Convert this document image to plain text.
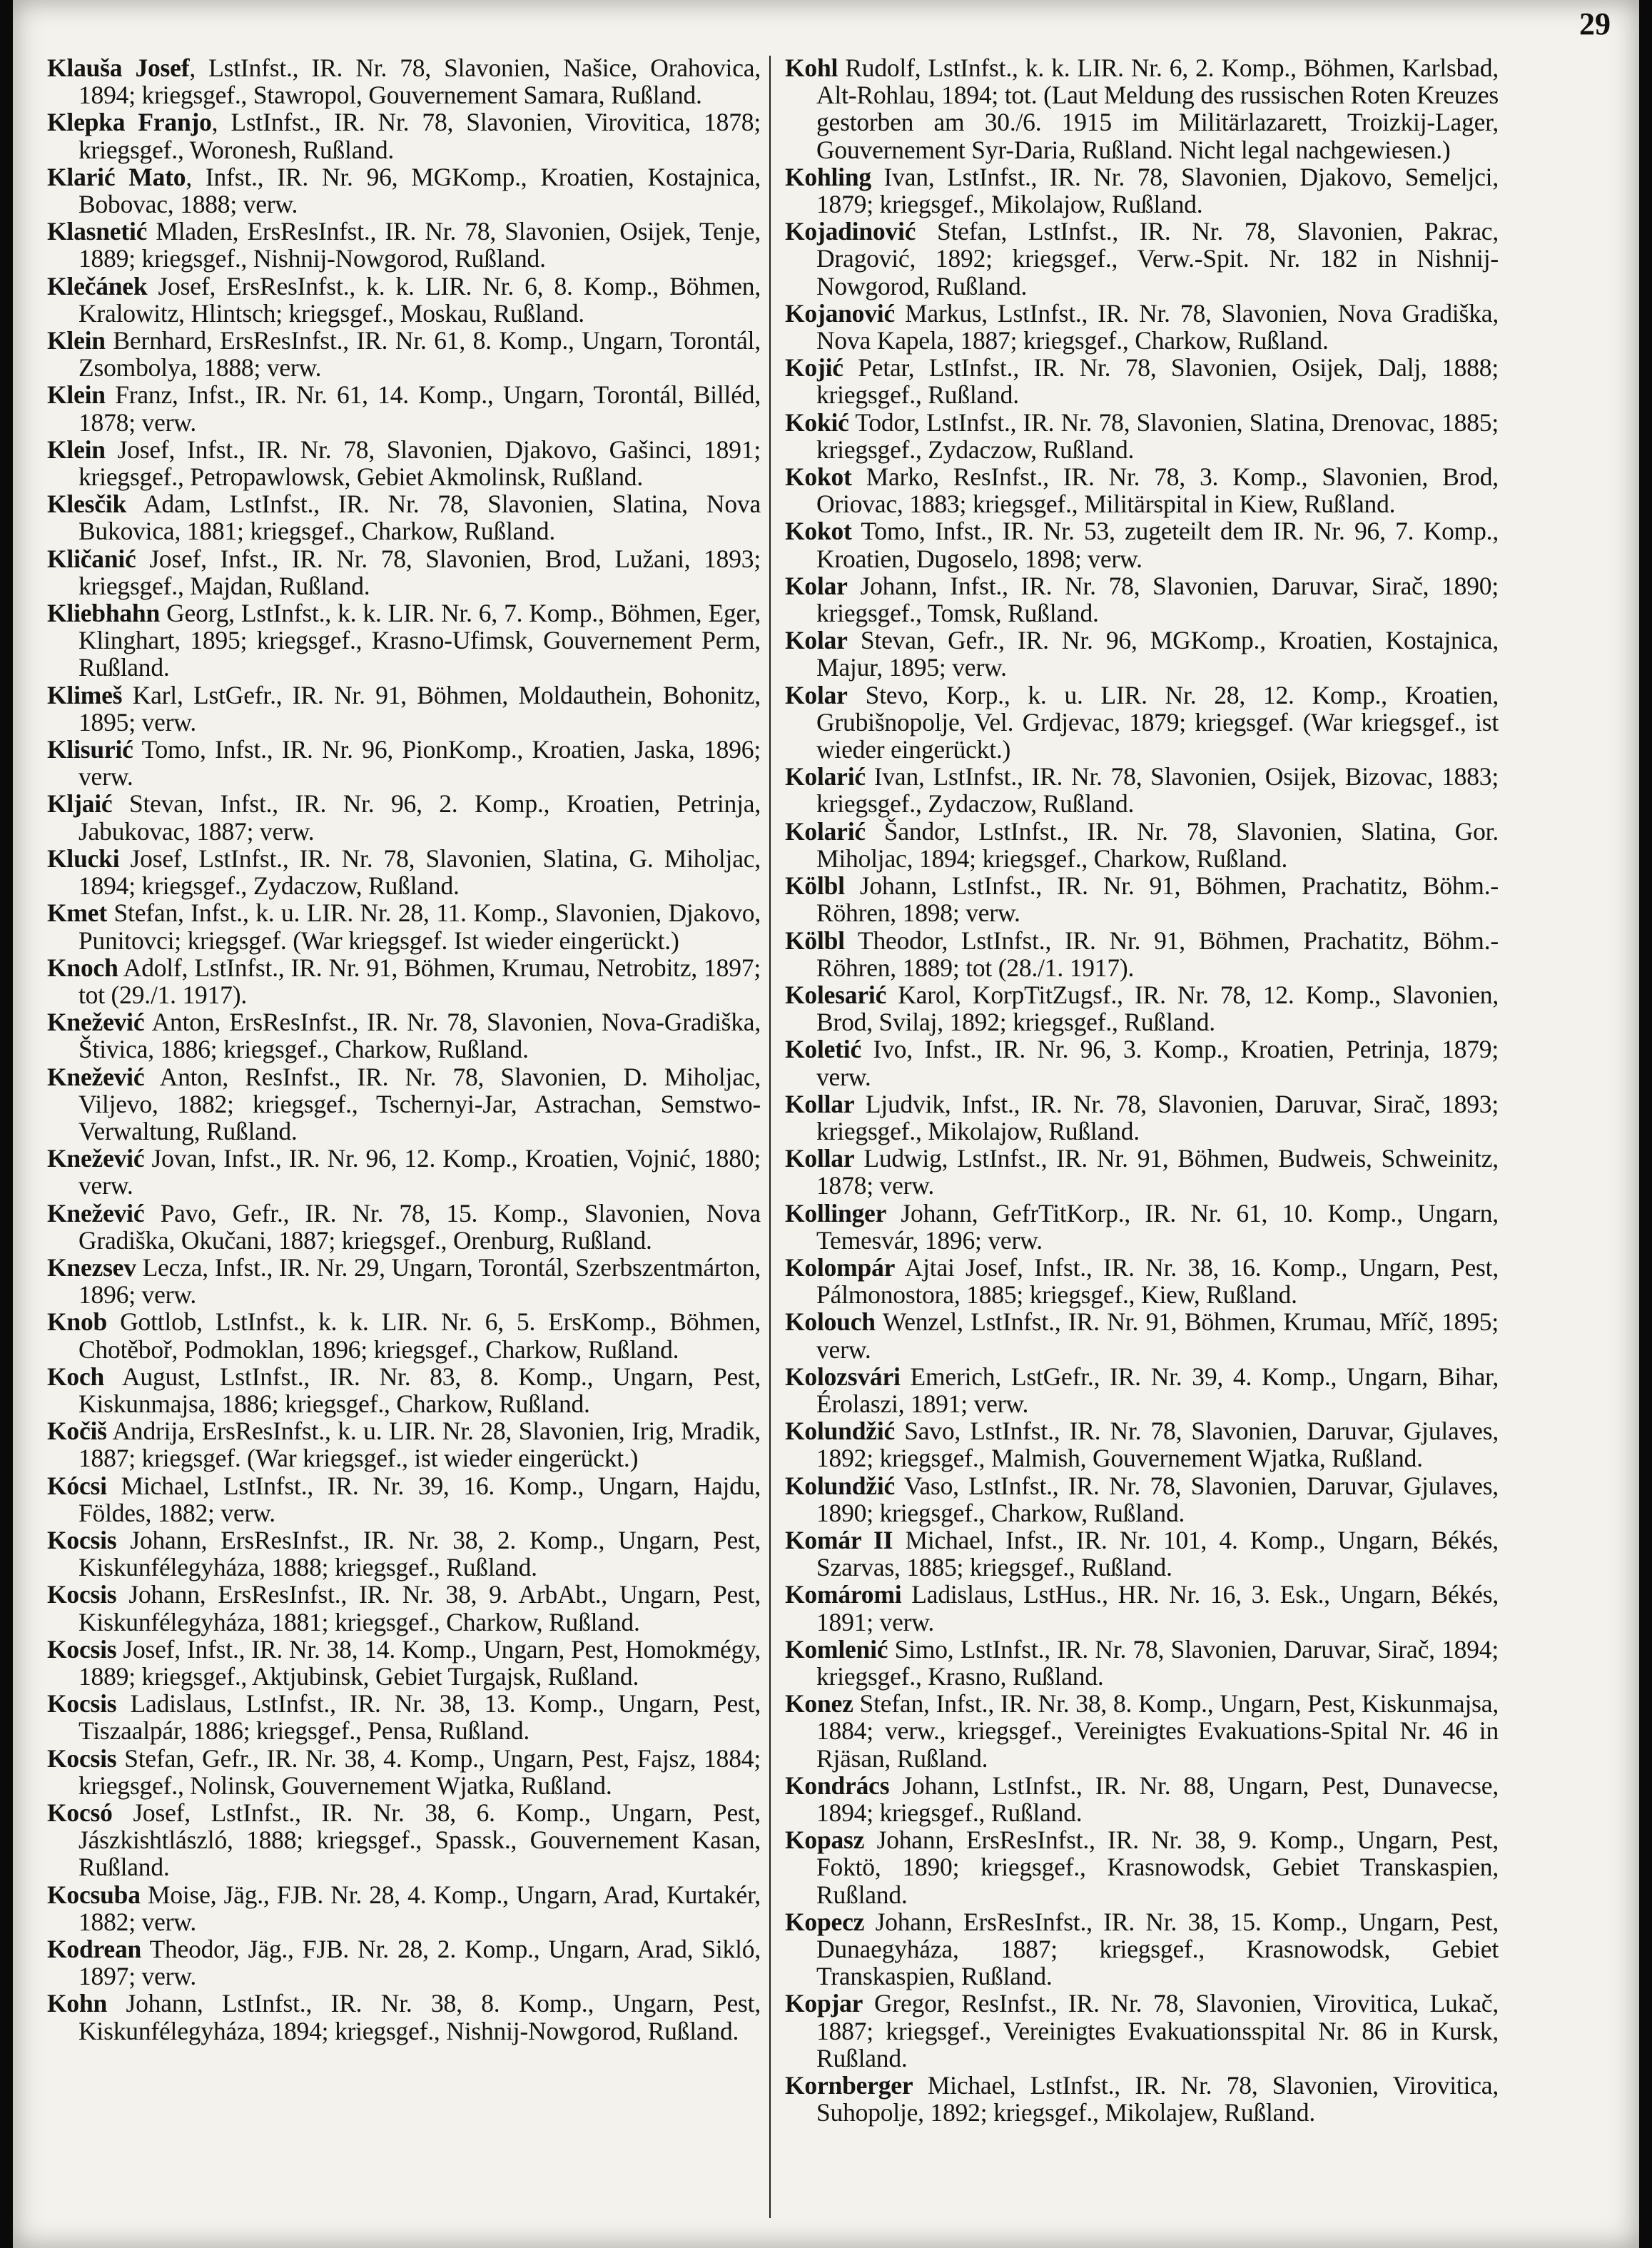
29

Klauša Josef, LstInfst., IR. Nr. 78, Slavonien, Našice, Orahovica, 1894; kriegsgef., Stawropol, Gouvernement Samara, Rußland.

Klepka Franjo, LstInfst., IR. Nr. 78, Slavonien, Virovitica, 1878; kriegsgef., Woronesh, Rußland.

Klarić Mato, Infst., IR. Nr. 96, MGKomp., Kroatien, Kostajnica, Bobovac, 1888; verw.

Klasnetić Mladen, ErsResInfst., IR. Nr. 78, Slavonien, Osijek, Tenje, 1889; kriegsgef., Nishnij-Nowgorod, Rußland.

Klečánek Josef, ErsResInfst., k. k. LIR. Nr. 6, 8. Komp., Böhmen, Kralowitz, Hlintsch; kriegsgef., Moskau, Rußland.

Klein Bernhard, ErsResInfst., IR. Nr. 61, 8. Komp., Ungarn, Torontál, Zsombolya, 1888; verw.

Klein Franz, Infst., IR. Nr. 61, 14. Komp., Ungarn, Torontál, Billéd, 1878; verw.

Klein Josef, Infst., IR. Nr. 78, Slavonien, Djakovo, Gašinci, 1891; kriegsgef., Petropawlowsk, Gebiet Akmolinsk, Rußland.

Klesčik Adam, LstInfst., IR. Nr. 78, Slavonien, Slatina, Nova Bukovica, 1881; kriegsgef., Charkow, Rußland.

Kličanić Josef, Infst., IR. Nr. 78, Slavonien, Brod, Lužani, 1893; kriegsgef., Majdan, Rußland.

Kliebhahn Georg, LstInfst., k. k. LIR. Nr. 6, 7. Komp., Böhmen, Eger, Klinghart, 1895; kriegsgef., Krasno-Ufimsk, Gouvernement Perm, Rußland.

Klimeš Karl, LstGefr., IR. Nr. 91, Böhmen, Moldauthein, Bohonitz, 1895; verw.

Klisurić Tomo, Infst., IR. Nr. 96, PionKomp., Kroatien, Jaska, 1896; verw.

Kljaić Stevan, Infst., IR. Nr. 96, 2. Komp., Kroatien, Petrinja, Jabukovac, 1887; verw.

Klucki Josef, LstInfst., IR. Nr. 78, Slavonien, Slatina, G. Miholjac, 1894; kriegsgef., Zydaczow, Rußland.

Kmet Stefan, Infst., k. u. LIR. Nr. 28, 11. Komp., Slavonien, Djakovo, Punitovci; kriegsgef. (War kriegsgef. Ist wieder eingerückt.)

Knoch Adolf, LstInfst., IR. Nr. 91, Böhmen, Krumau, Netrobitz, 1897; tot (29./1. 1917).

Knežević Anton, ErsResInfst., IR. Nr. 78, Slavonien, Nova-Gradiška, Štivica, 1886; kriegsgef., Charkow, Rußland.

Knežević Anton, ResInfst., IR. Nr. 78, Slavonien, D. Miholjac, Viljevo, 1882; kriegsgef., Tschernyi-Jar, Astrachan, Semstwo-Verwaltung, Rußland.

Knežević Jovan, Infst., IR. Nr. 96, 12. Komp., Kroatien, Vojnić, 1880; verw.

Knežević Pavo, Gefr., IR. Nr. 78, 15. Komp., Slavonien, Nova Gradiška, Okučani, 1887; kriegsgef., Orenburg, Rußland.

Knezsev Lecza, Infst., IR. Nr. 29, Ungarn, Torontál, Szerbszentmárton, 1896; verw.

Knob Gottlob, LstInfst., k. k. LIR. Nr. 6, 5. ErsKomp., Böhmen, Chotěboř, Podmoklan, 1896; kriegsgef., Charkow, Rußland.

Koch August, LstInfst., IR. Nr. 83, 8. Komp., Ungarn, Pest, Kiskunmajsa, 1886; kriegsgef., Charkow, Rußland.

Kočiš Andrija, ErsResInfst., k. u. LIR. Nr. 28, Slavonien, Irig, Mradik, 1887; kriegsgef. (War kriegsgef., ist wieder eingerückt.)

Kócsi Michael, LstInfst., IR. Nr. 39, 16. Komp., Ungarn, Hajdu, Földes, 1882; verw.

Kocsis Johann, ErsResInfst., IR. Nr. 38, 2. Komp., Ungarn, Pest, Kiskunfélegyháza, 1888; kriegsgef., Rußland.

Kocsis Johann, ErsResInfst., IR. Nr. 38, 9. ArbAbt., Ungarn, Pest, Kiskunfélegyháza, 1881; kriegsgef., Charkow, Rußland.

Kocsis Josef, Infst., IR. Nr. 38, 14. Komp., Ungarn, Pest, Homokmégy, 1889; kriegsgef., Aktjubinsk, Gebiet Turgajsk, Rußland.

Kocsis Ladislaus, LstInfst., IR. Nr. 38, 13. Komp., Ungarn, Pest, Tiszaalpár, 1886; kriegsgef., Pensa, Rußland.

Kocsis Stefan, Gefr., IR. Nr. 38, 4. Komp., Ungarn, Pest, Fajsz, 1884; kriegsgef., Nolinsk, Gouvernement Wjatka, Rußland.

Kocsó Josef, LstInfst., IR. Nr. 38, 6. Komp., Ungarn, Pest, Jászkishtlászló, 1888; kriegsgef., Spassk., Gouvernement Kasan, Rußland.

Kocsuba Moise, Jäg., FJB. Nr. 28, 4. Komp., Ungarn, Arad, Kurtakér, 1882; verw.

Kodrean Theodor, Jäg., FJB. Nr. 28, 2. Komp., Ungarn, Arad, Sikló, 1897; verw.

Kohn Johann, LstInfst., IR. Nr. 38, 8. Komp., Ungarn, Pest, Kiskunfélegyháza, 1894; kriegsgef., Nishnij-Nowgorod, Rußland.

Kohl Rudolf, LstInfst., k. k. LIR. Nr. 6, 2. Komp., Böhmen, Karlsbad, Alt-Rohlau, 1894; tot. (Laut Meldung des russischen Roten Kreuzes gestorben am 30./6. 1915 im Militärlazarett, Troizkij-Lager, Gouvernement Syr-Daria, Rußland. Nicht legal nachgewiesen.)

Kohling Ivan, LstInfst., IR. Nr. 78, Slavonien, Djakovo, Semeljci, 1879; kriegsgef., Mikolajow, Rußland.

Kojadinović Stefan, LstInfst., IR. Nr. 78, Slavonien, Pakrac, Dragović, 1892; kriegsgef., Verw.-Spit. Nr. 182 in Nishnij-Nowgorod, Rußland.

Kojanović Markus, LstInfst., IR. Nr. 78, Slavonien, Nova Gradiška, Nova Kapela, 1887; kriegsgef., Charkow, Rußland.

Kojić Petar, LstInfst., IR. Nr. 78, Slavonien, Osijek, Dalj, 1888; kriegsgef., Rußland.

Kokić Todor, LstInfst., IR. Nr. 78, Slavonien, Slatina, Drenovac, 1885; kriegsgef., Zydaczow, Rußland.

Kokot Marko, ResInfst., IR. Nr. 78, 3. Komp., Slavonien, Brod, Oriovac, 1883; kriegsgef., Militärspital in Kiew, Rußland.

Kokot Tomo, Infst., IR. Nr. 53, zugeteilt dem IR. Nr. 96, 7. Komp., Kroatien, Dugoselo, 1898; verw.

Kolar Johann, Infst., IR. Nr. 78, Slavonien, Daruvar, Sirač, 1890; kriegsgef., Tomsk, Rußland.

Kolar Stevan, Gefr., IR. Nr. 96, MGKomp., Kroatien, Kostajnica, Majur, 1895; verw.

Kolar Stevo, Korp., k. u. LIR. Nr. 28, 12. Komp., Kroatien, Grubišnopolje, Vel. Grdjevac, 1879; kriegsgef. (War kriegsgef., ist wieder eingerückt.)

Kolarić Ivan, LstInfst., IR. Nr. 78, Slavonien, Osijek, Bizovac, 1883; kriegsgef., Zydaczow, Rußland.

Kolarić Šandor, LstInfst., IR. Nr. 78, Slavonien, Slatina, Gor. Miholjac, 1894; kriegsgef., Charkow, Rußland.

Kölbl Johann, LstInfst., IR. Nr. 91, Böhmen, Prachatitz, Böhm.-Röhren, 1898; verw.

Kölbl Theodor, LstInfst., IR. Nr. 91, Böhmen, Prachatitz, Böhm.-Röhren, 1889; tot (28./1. 1917).

Kolesarić Karol, KorpTitZugsf., IR. Nr. 78, 12. Komp., Slavonien, Brod, Svilaj, 1892; kriegsgef., Rußland.

Koletić Ivo, Infst., IR. Nr. 96, 3. Komp., Kroatien, Petrinja, 1879; verw.

Kollar Ljudvik, Infst., IR. Nr. 78, Slavonien, Daruvar, Sirač, 1893; kriegsgef., Mikolajow, Rußland.

Kollar Ludwig, LstInfst., IR. Nr. 91, Böhmen, Budweis, Schweinitz, 1878; verw.

Kollinger Johann, GefrTitKorp., IR. Nr. 61, 10. Komp., Ungarn, Temesvár, 1896; verw.

Kolompár Ajtai Josef, Infst., IR. Nr. 38, 16. Komp., Ungarn, Pest, Pálmonostora, 1885; kriegsgef., Kiew, Rußland.

Kolouch Wenzel, LstInfst., IR. Nr. 91, Böhmen, Krumau, Mříč, 1895; verw.

Kolozsvári Emerich, LstGefr., IR. Nr. 39, 4. Komp., Ungarn, Bihar, Érolaszi, 1891; verw.

Kolundžić Savo, LstInfst., IR. Nr. 78, Slavonien, Daruvar, Gjulaves, 1892; kriegsgef., Malmish, Gouvernement Wjatka, Rußland.

Kolundžić Vaso, LstInfst., IR. Nr. 78, Slavonien, Daruvar, Gjulaves, 1890; kriegsgef., Charkow, Rußland.

Komár II Michael, Infst., IR. Nr. 101, 4. Komp., Ungarn, Békés, Szarvas, 1885; kriegsgef., Rußland.

Komáromi Ladislaus, LstHus., HR. Nr. 16, 3. Esk., Ungarn, Békés, 1891; verw.

Komlenić Simo, LstInfst., IR. Nr. 78, Slavonien, Daruvar, Sirač, 1894; kriegsgef., Krasno, Rußland.

Konez Stefan, Infst., IR. Nr. 38, 8. Komp., Ungarn, Pest, Kiskunmajsa, 1884; verw., kriegsgef., Vereinigtes Evakuations-Spital Nr. 46 in Rjäsan, Rußland.

Kondrács Johann, LstInfst., IR. Nr. 88, Ungarn, Pest, Dunavecse, 1894; kriegsgef., Rußland.

Kopasz Johann, ErsResInfst., IR. Nr. 38, 9. Komp., Ungarn, Pest, Foktö, 1890; kriegsgef., Krasnowodsk, Gebiet Transkaspien, Rußland.

Kopecz Johann, ErsResInfst., IR. Nr. 38, 15. Komp., Ungarn, Pest, Dunaegyháza, 1887; kriegsgef., Krasnowodsk, Gebiet Transkaspien, Rußland.

Kopjar Gregor, ResInfst., IR. Nr. 78, Slavonien, Virovitica, Lukač, 1887; kriegsgef., Vereinigtes Evakuationsspital Nr. 86 in Kursk, Rußland.

Kornberger Michael, LstInfst., IR. Nr. 78, Slavonien, Virovitica, Suhopolje, 1892; kriegsgef., Mikolajew, Rußland.
